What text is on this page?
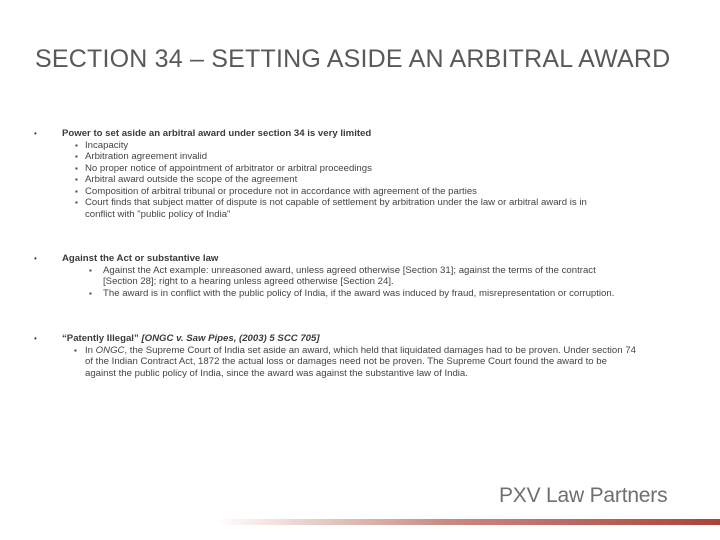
SECTION 34 – SETTING ASIDE AN ARBITRAL AWARD
•	Power to set aside an arbitral award under section 34 is very limited
▪ Incapacity
▪ Arbitration agreement invalid
▪ No proper notice of appointment of arbitrator or arbitral proceedings
▪ Arbitral award outside the scope of the agreement
▪ Composition of arbitral tribunal or procedure not in accordance with agreement of the parties
▪ Court finds that subject matter of dispute is not capable of settlement by arbitration under the law or arbitral award is in conflict with "public policy of India"
•	Against the Act or substantive law
▪ Against the Act example: unreasoned award, unless agreed otherwise [Section 31]; against the terms of the contract [Section 28]; right to a hearing unless agreed otherwise [Section 24].
▪ The award is in conflict with the public policy of India, if the award was induced by fraud, misrepresentation or corruption.
•	“Patently Illegal” [ONGC v. Saw Pipes, (2003) 5 SCC 705]
▪ In ONGC, the Supreme Court of India set aside an award, which held that liquidated damages had to be proven. Under section 74 of the Indian Contract Act, 1872 the actual loss or damages need not be proven. The Supreme Court found the award to be against the public policy of India, since the award was against the substantive law of India.
PXV Law Partners
